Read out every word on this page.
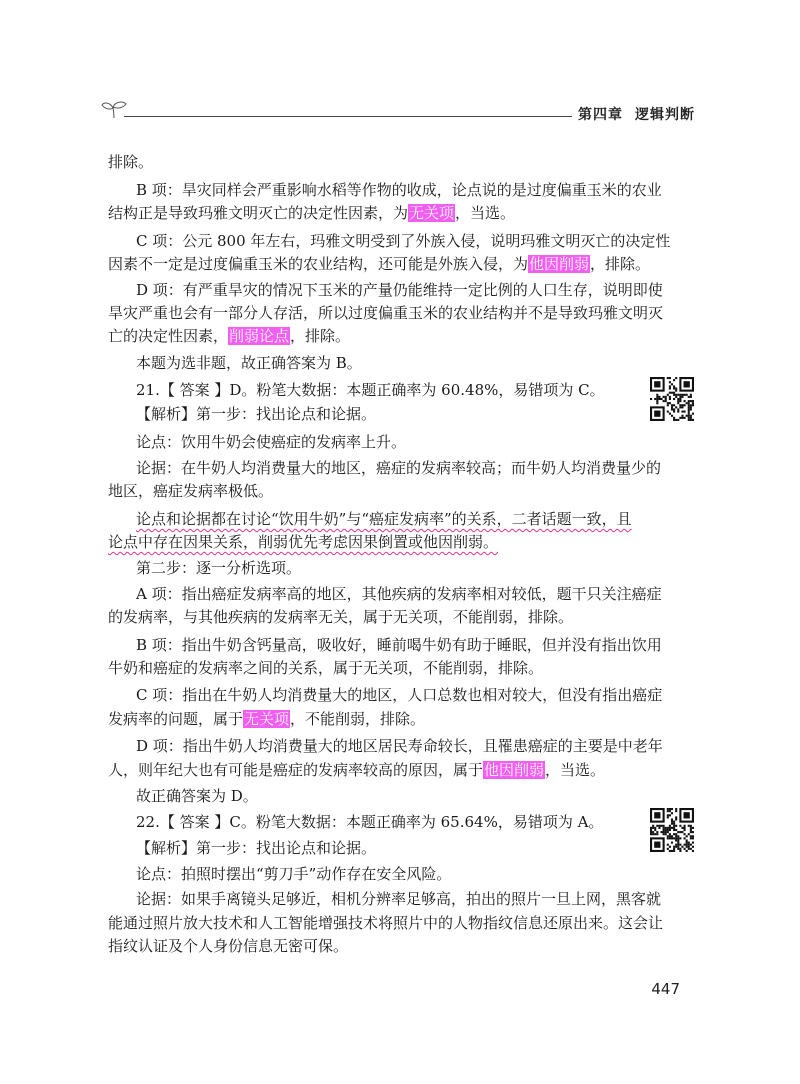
第四章 逻辑判断
排除。
B 项：旱灾同样会严重影响水稻等作物的收成，论点说的是过度偏重玉米的农业
结构正是导致玛雅文明灭亡的决定性因素，为无关项，当选。
C 项：公元 800 年左右，玛雅文明受到了外族入侵，说明玛雅文明灭亡的决定性
因素不一定是过度偏重玉米的农业结构，还可能是外族入侵，为他因削弱，排除。
D 项：有严重旱灾的情况下玉米的产量仍能维持一定比例的人口生存，说明即使
旱灾严重也会有一部分人存活，所以过度偏重玉米的农业结构并不是导致玛雅文明灭
亡的决定性因素，削弱论点，排除。
本题为选非题，故正确答案为 B。
21.【 答案 】D。粉笔大数据：本题正确率为 60.48%，易错项为 C。
【解析】第一步：找出论点和论据。
论点：饮用牛奶会使癌症的发病率上升。
论据：在牛奶人均消费量大的地区，癌症的发病率较高；而牛奶人均消费量少的
地区，癌症发病率极低。
论点和论据都在讨论“饮用牛奶”与“癌症发病率”的关系，二者话题一致，且
论点中存在因果关系，削弱优先考虑因果倒置或他因削弱。
第二步：逐一分析选项。
A 项：指出癌症发病率高的地区，其他疾病的发病率相对较低，题干只关注癌症
的发病率，与其他疾病的发病率无关，属于无关项，不能削弱，排除。
B 项：指出牛奶含钙量高，吸收好，睡前喝牛奶有助于睡眠，但并没有指出饮用
牛奶和癌症的发病率之间的关系，属于无关项，不能削弱，排除。
C 项：指出在牛奶人均消费量大的地区，人口总数也相对较大，但没有指出癌症
发病率的问题，属于无关项，不能削弱，排除。
D 项：指出牛奶人均消费量大的地区居民寿命较长，且罹患癌症的主要是中老年
人，则年纪大也有可能是癌症的发病率较高的原因，属于他因削弱，当选。
故正确答案为 D。
22.【 答案 】C。粉笔大数据：本题正确率为 65.64%，易错项为 A。
【解析】第一步：找出论点和论据。
论点：拍照时摆出“剪刀手”动作存在安全风险。
论据：如果手离镜头足够近，相机分辨率足够高，拍出的照片一旦上网，黑客就
能通过照片放大技术和人工智能增强技术将照片中的人物指纹信息还原出来。这会让
指纹认证及个人身份信息无密可保。
447
